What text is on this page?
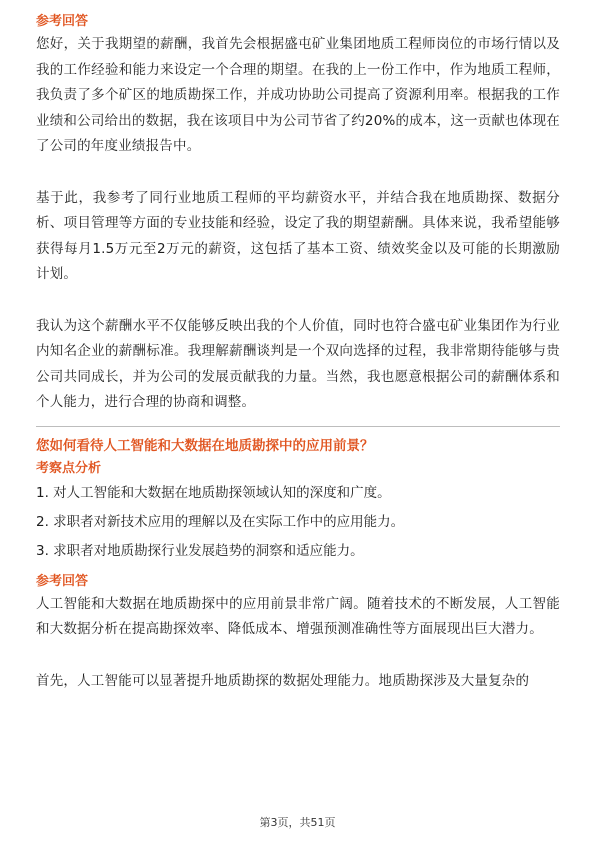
参考回答

您好，关于我期望的薪酬，我首先会根据盛屯矿业集团地质工程师岗位的市场行情以及我的工作经验和能力来设定一个合理的期望。在我的上一份工作中，作为地质工程师，我负责了多个矿区的地质勘探工作，并成功协助公司提高了资源利用率。根据我的工作业绩和公司给出的数据，我在该项目中为公司节省了约20%的成本，这一贡献也体现在了公司的年度业绩报告中。

基于此，我参考了同行业地质工程师的平均薪资水平，并结合我在地质勘探、数据分析、项目管理等方面的专业技能和经验，设定了我的期望薪酬。具体来说，我希望能够获得每月1.5万元至2万元的薪资，这包括了基本工资、绩效奖金以及可能的长期激励计划。

我认为这个薪酬水平不仅能够反映出我的个人价值，同时也符合盛屯矿业集团作为行业内知名企业的薪酬标准。我理解薪酬谈判是一个双向选择的过程，我非常期待能够与贵公司共同成长，并为公司的发展贡献我的力量。当然，我也愿意根据公司的薪酬体系和个人能力，进行合理的协商和调整。

您如何看待人工智能和大数据在地质勘探中的应用前景？

考察点分析

1. 对人工智能和大数据在地质勘探领域认知的深度和广度。
2. 求职者对新技术应用的理解以及在实际工作中的应用能力。
3. 求职者对地质勘探行业发展趋势的洞察和适应能力。

参考回答

人工智能和大数据在地质勘探中的应用前景非常广阔。随着技术的不断发展，人工智能和大数据分析在提高勘探效率、降低成本、增强预测准确性等方面展现出巨大潜力。

首先，人工智能可以显著提升地质勘探的数据处理能力。地质勘探涉及大量复杂的

第3页，共51页
